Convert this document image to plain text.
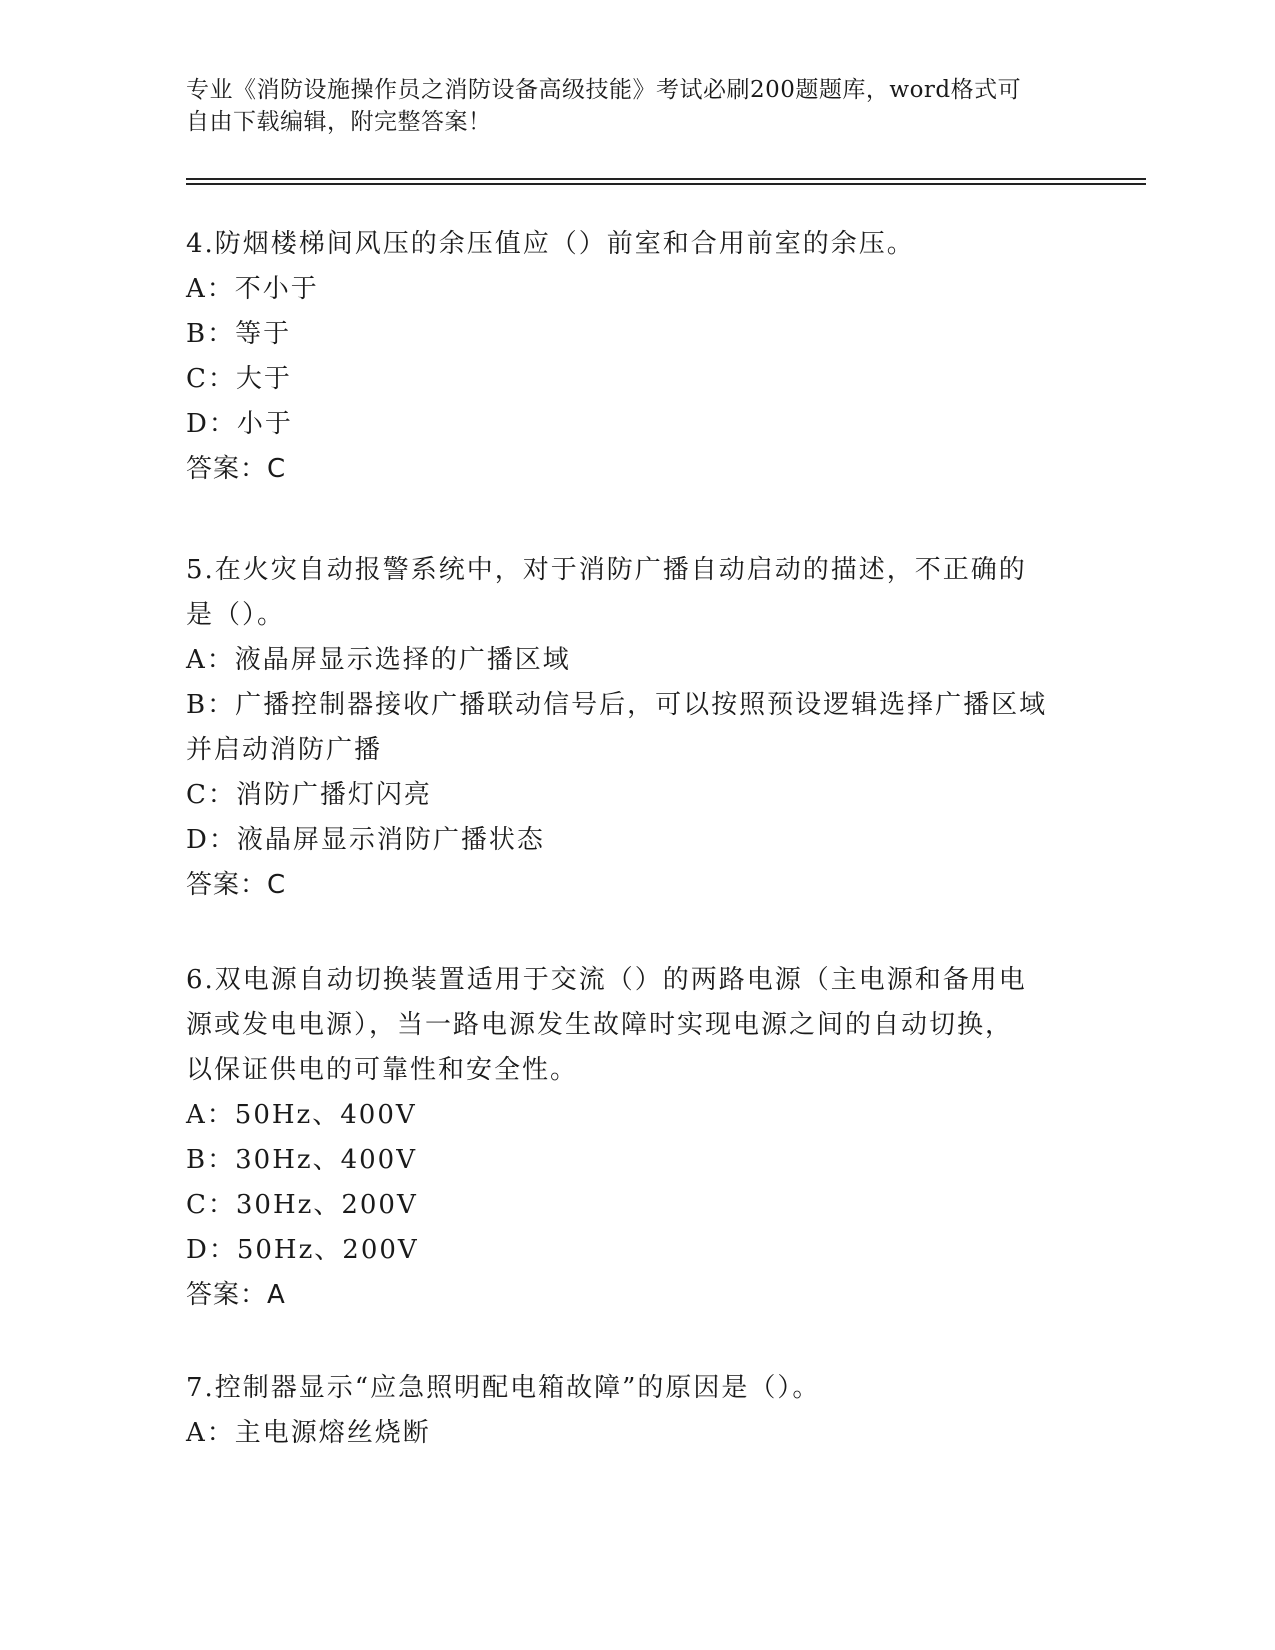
专业《消防设施操作员之消防设备高级技能》考试必刷200题题库，word格式可
自由下载编辑，附完整答案！
4.防烟楼梯间风压的余压值应（）前室和合用前室的余压。
A：不小于
B：等于
C：大于
D：小于
答案：C
5.在火灾自动报警系统中，对于消防广播自动启动的描述，不正确的
是（）。
A：液晶屏显示选择的广播区域
B：广播控制器接收广播联动信号后，可以按照预设逻辑选择广播区域
并启动消防广播
C：消防广播灯闪亮
D：液晶屏显示消防广播状态
答案：C
6.双电源自动切换装置适用于交流（）的两路电源（主电源和备用电
源或发电电源），当一路电源发生故障时实现电源之间的自动切换，
以保证供电的可靠性和安全性。
A：50Hz、400V
B：30Hz、400V
C：30Hz、200V
D：50Hz、200V
答案：A
7.控制器显示“应急照明配电箱故障”的原因是（）。
A：主电源熔丝烧断
